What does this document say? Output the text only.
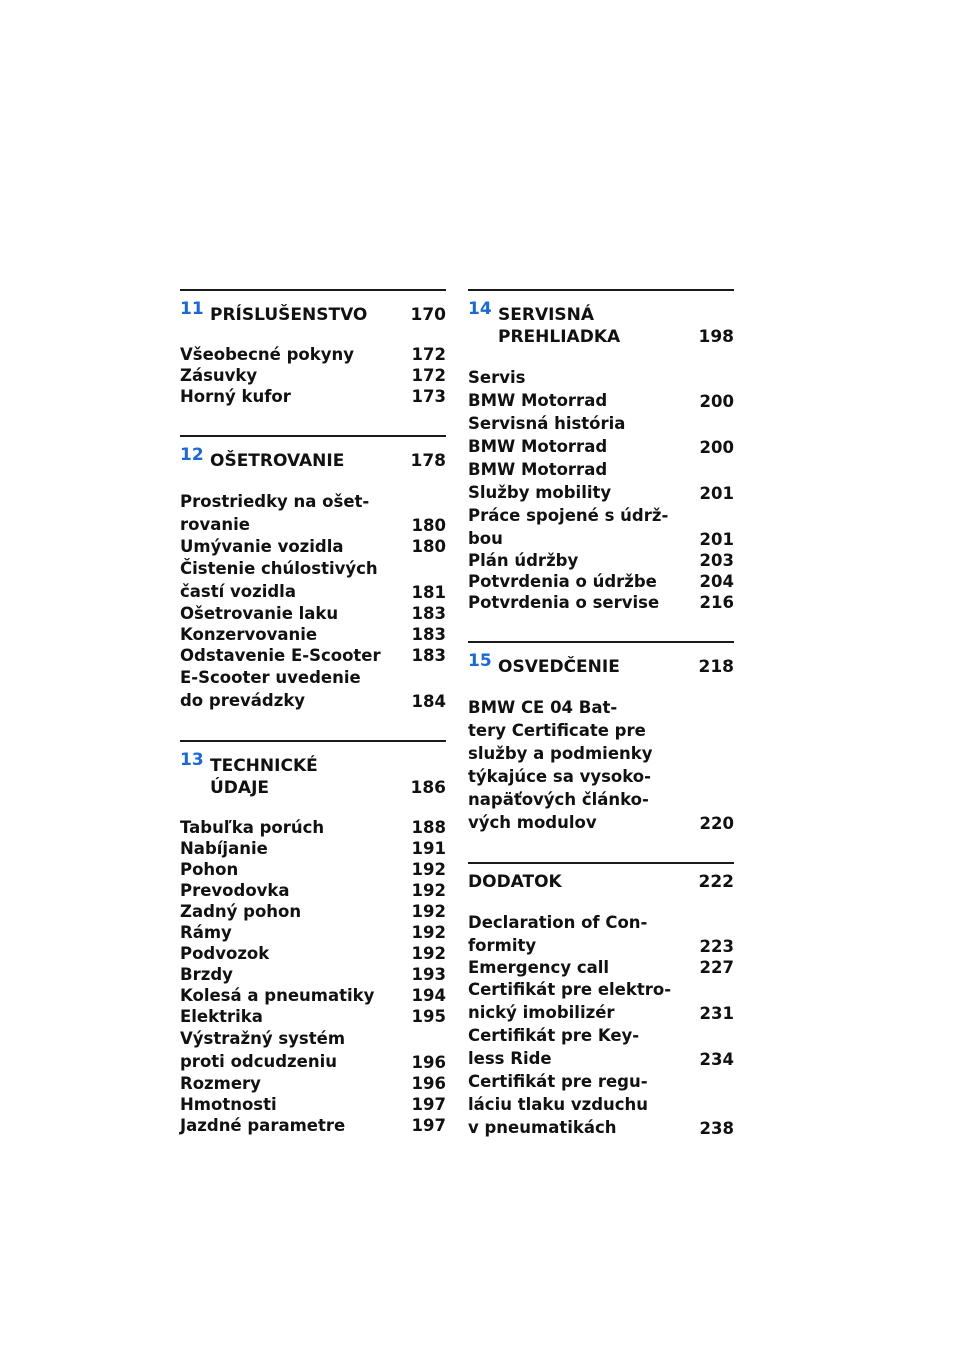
11 PRÍSLUŠENSTVO	170
Všeobecné pokyny	172
Zásuvky	172
Horný kufor	173
12 OŠETROVANIE	178
Prostriedky na ošet-
rovanie	180
Umývanie vozidla	180
Čistenie chúlostivých
častí vozidla	181
Ošetrovanie laku	183
Konzervovanie	183
Odstavenie E-Scooter	183
E-Scooter uvedenie
do prevádzky	184
13 TECHNICKÉ
ÚDAJE	186
Tabuľka porúch	188
Nabíjanie	191
Pohon	192
Prevodovka	192
Zadný pohon	192
Rámy	192
Podvozok	192
Brzdy	193
Kolesá a pneumatiky	194
Elektrika	195
Výstražný systém
proti odcudzeniu	196
Rozmery	196
Hmotnosti	197
Jazdné parametre	197
14 SERVISNÁ
PREHLIADKA	198
Servis
BMW Motorrad	200
Servisná história
BMW Motorrad	200
BMW Motorrad
Služby mobility	201
Práce spojené s údrž-
bou	201
Plán údržby	203
Potvrdenia o údržbe	204
Potvrdenia o servise	216
15 OSVEDČENIE	218
BMW CE 04 Bat-
tery Certificate pre
služby a podmienky
týkajúce sa vysoko-
napäťových článko-
vých modulov	220
DODATOK	222
Declaration of Con-
formity	223
Emergency call	227
Certifikát pre elektro-
nický imobilizér	231
Certifikát pre Key-
less Ride	234
Certifikát pre regu-
láciu tlaku vzduchu
v pneumatikách	238
